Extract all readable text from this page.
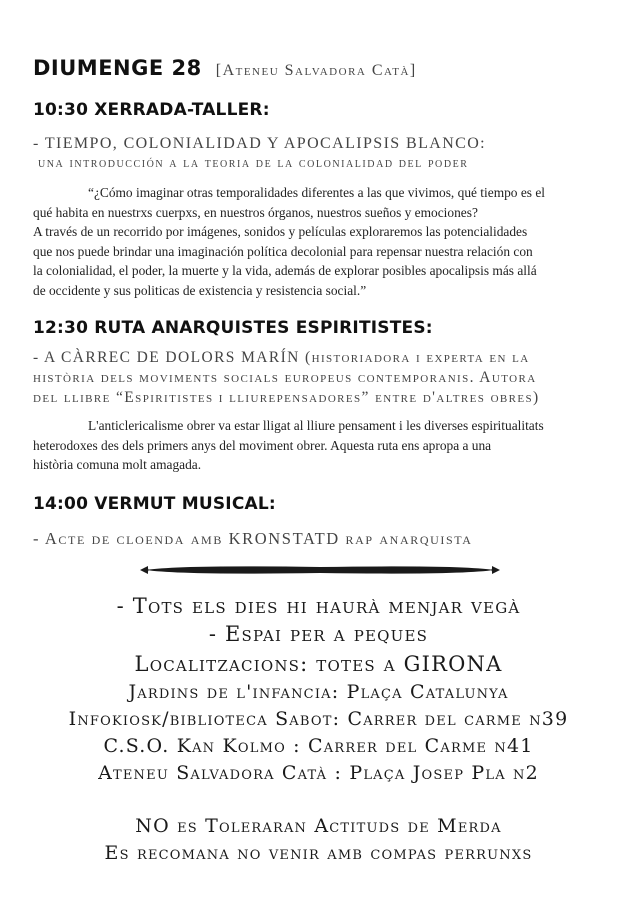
DIUMENGE 28 [Ateneu Salvadora Catà]
10:30 XERRADA-TALLER:
- TIEMPO, COLONIALIDAD Y APOCALIPSIS BLANCO:
una introducción a la teoria de la colonialidad del poder

“¿Cómo imaginar otras temporalidades diferentes a las que vivimos, qué tiempo es el

qué habita en nuestrxs cuerpxs, en nuestros órganos, nuestros sueños y emociones?

A través de un recorrido por imágenes, sonidos y películas exploraremos las potencialidades

que nos puede brindar una imaginación política decolonial para repensar nuestra relación con

la colonialidad, el poder, la muerte y la vida, además de explorar posibles apocalipsis más allá

de occidente y sus politicas de existencia y resistencia social.”

12:30 RUTA ANARQUISTES ESPIRITISTES:
- A CÀRREC DE DOLORS MARÍN (historiadora i experta en la
història dels moviments socials europeus contemporanis. Autora
del llibre “Espiritistes i lliurepensadores” entre d'altres obres)

L'anticlericalisme obrer va estar lligat al lliure pensament i les diverses espiritualitats

heterodoxes des dels primers anys del moviment obrer. Aquesta ruta ens apropa a una

història comuna molt amagada.

14:00 VERMUT MUSICAL:
- Acte de cloenda amb KRONSTATD rap anarquista
- Tots els dies hi haurà menjar vegà
- Espai per a peques
Localitzacions: totes a GIRONA
Jardins de l'infancia: Plaça Catalunya
Infokiosk/biblioteca Sabot: Carrer del carme n39
C.S.O. Kan Kolmo : Carrer del Carme n41
Ateneu Salvadora Catà : Plaça Josep Pla n2
NO es Toleraran Actituds de Merda
Es recomana no venir amb compas perrunxs
